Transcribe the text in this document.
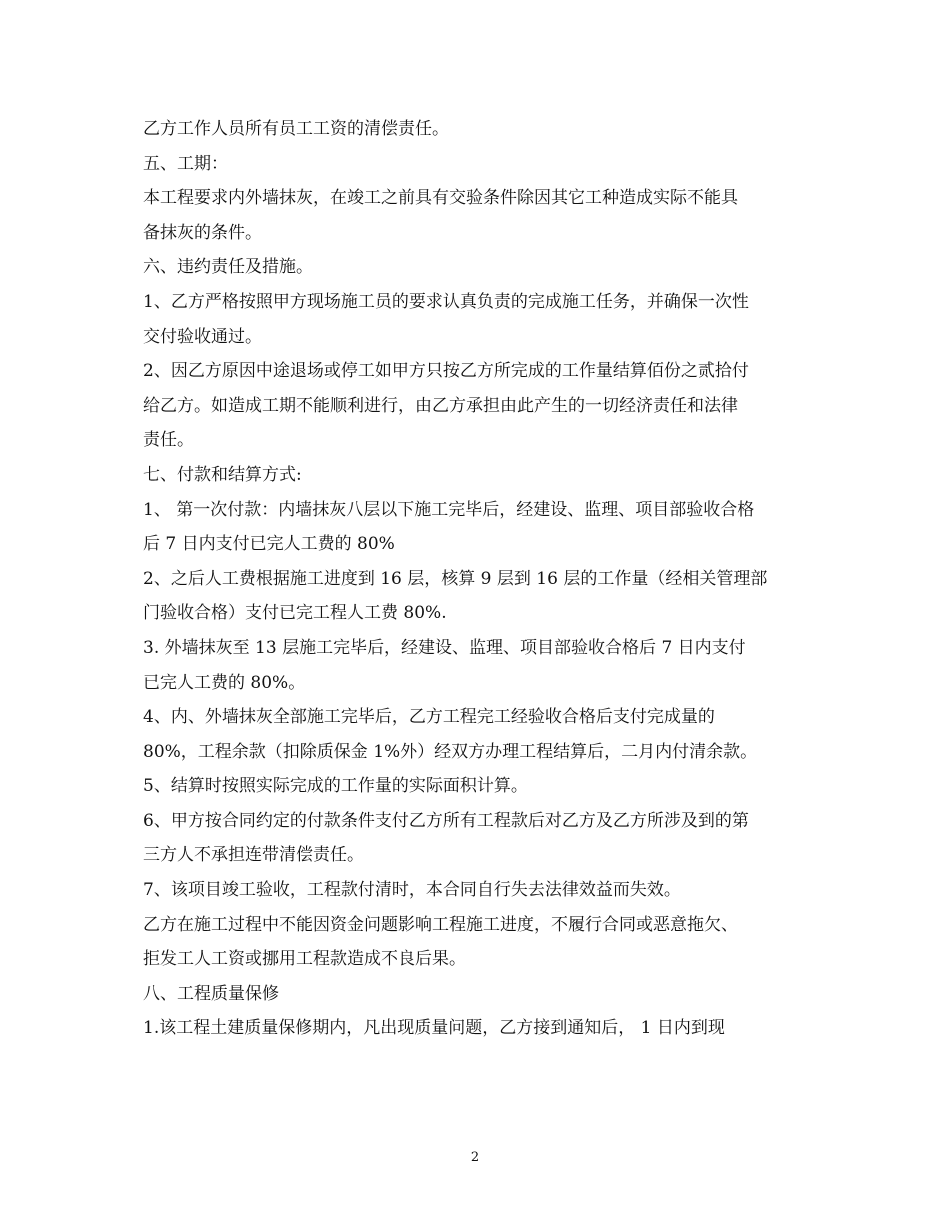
乙方工作人员所有员工工资的清偿责任。
五、工期：
本工程要求内外墙抹灰，在竣工之前具有交验条件除因其它工种造成实际不能具
备抹灰的条件。
六、违约责任及措施。
1、乙方严格按照甲方现场施工员的要求认真负责的完成施工任务，并确保一次性
交付验收通过。
2、因乙方原因中途退场或停工如甲方只按乙方所完成的工作量结算佰份之贰拾付
给乙方。如造成工期不能顺利进行，由乙方承担由此产生的一切经济责任和法律
责任。
七、付款和结算方式:
1、 第一次付款：内墙抹灰八层以下施工完毕后，经建设、监理、项目部验收合格
后 7 日内支付已完人工费的 80%
2、之后人工费根据施工进度到 16 层，核算 9 层到 16 层的工作量（经相关管理部
门验收合格）支付已完工程人工费 80%.
3. 外墙抹灰至 13 层施工完毕后，经建设、监理、项目部验收合格后 7 日内支付
已完人工费的 80%。
4、内、外墙抹灰全部施工完毕后，乙方工程完工经验收合格后支付完成量的
80%，工程余款（扣除质保金 1%外）经双方办理工程结算后，二月内付清余款。
5、结算时按照实际完成的工作量的实际面积计算。
6、甲方按合同约定的付款条件支付乙方所有工程款后对乙方及乙方所涉及到的第
三方人不承担连带清偿责任。
7、该项目竣工验收，工程款付清时，本合同自行失去法律效益而失效。
乙方在施工过程中不能因资金问题影响工程施工进度，不履行合同或恶意拖欠、
拒发工人工资或挪用工程款造成不良后果。
八、工程质量保修
1.该工程土建质量保修期内，凡出现质量问题，乙方接到通知后， 1 日内到现
2
